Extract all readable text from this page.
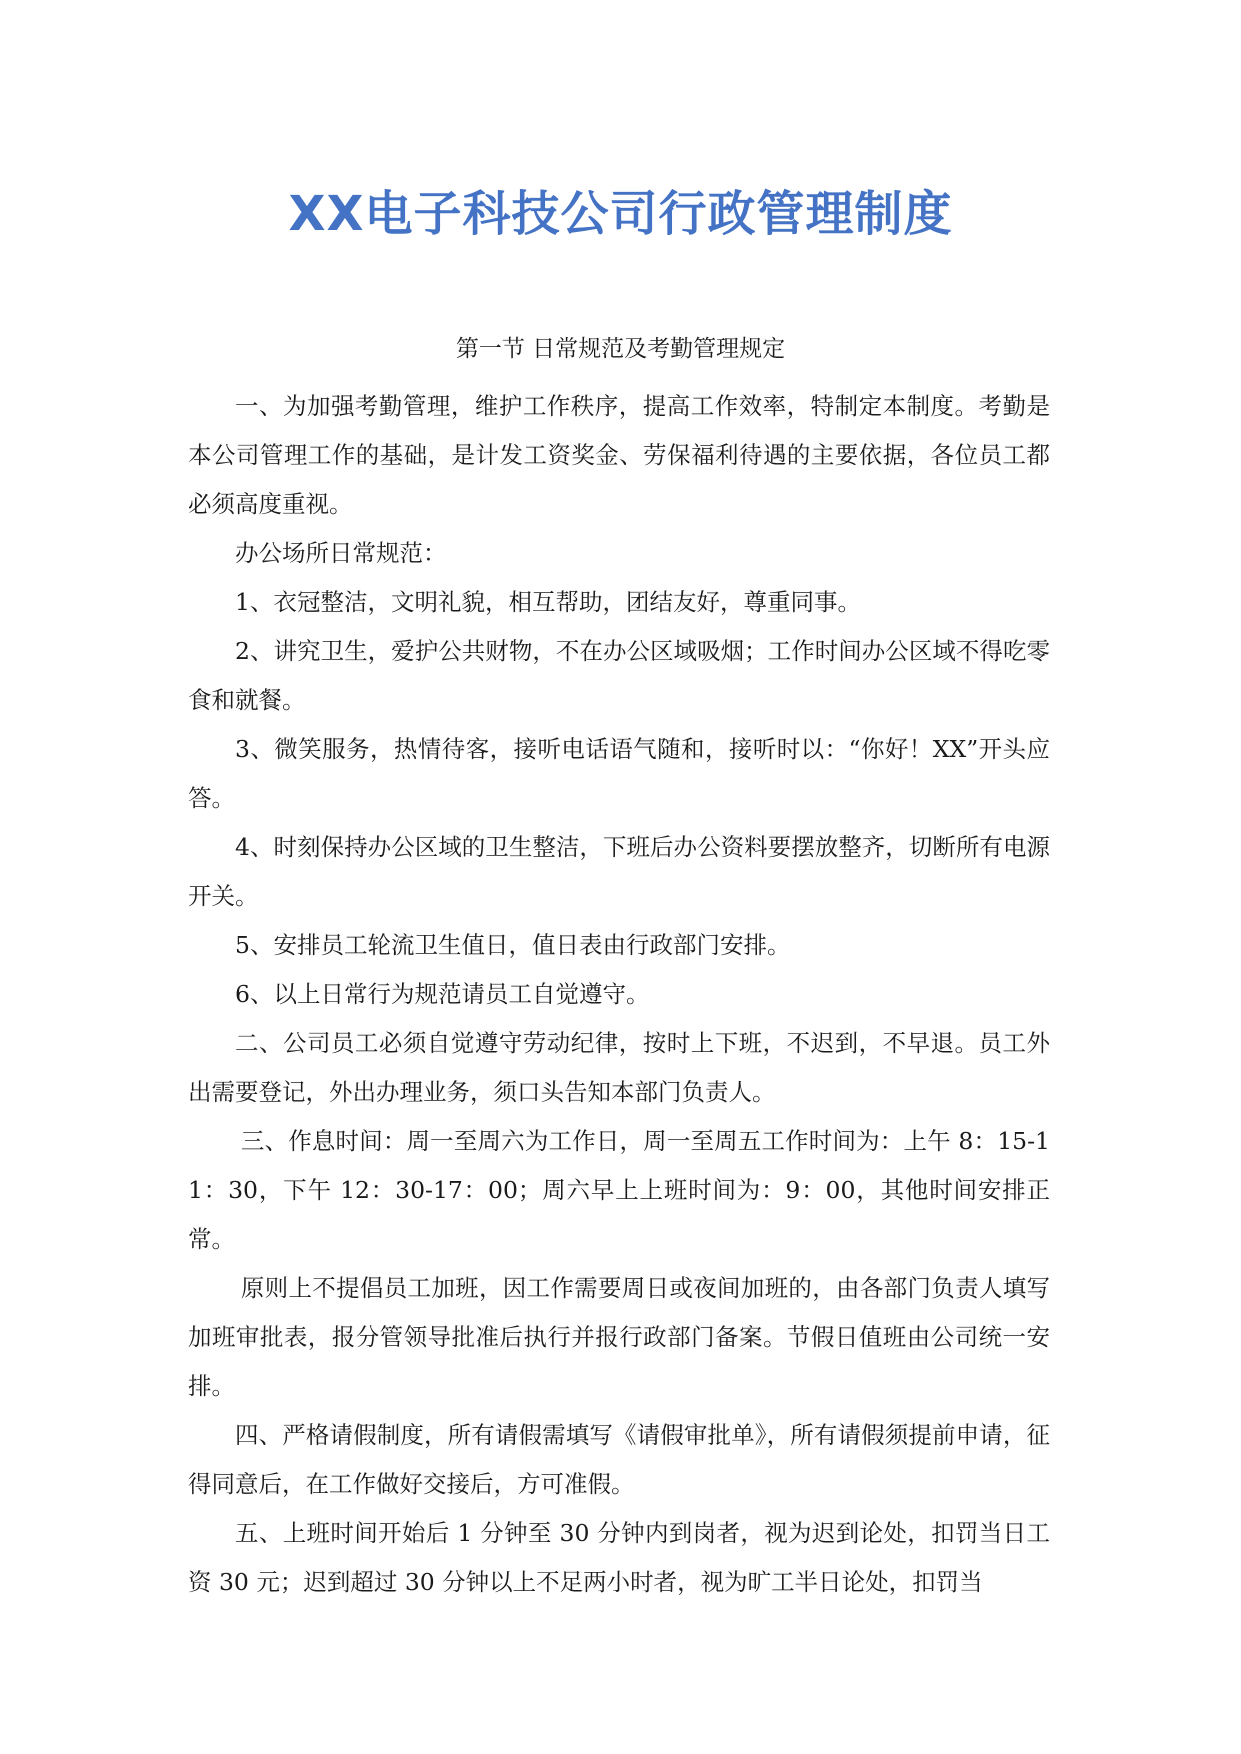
XX电子科技公司行政管理制度
第一节 日常规范及考勤管理规定

一、为加强考勤管理，维护工作秩序，提高工作效率，特制定本制度。考勤是本公司管理工作的基础，是计发工资奖金、劳保福利待遇的主要依据，各位员工都必须高度重视。

办公场所日常规范：

1、衣冠整洁，文明礼貌，相互帮助，团结友好，尊重同事。

2、讲究卫生，爱护公共财物，不在办公区域吸烟；工作时间办公区域不得吃零食和就餐。

3、微笑服务，热情待客，接听电话语气随和，接听时以：“你好！XX”开头应答。

4、时刻保持办公区域的卫生整洁，下班后办公资料要摆放整齐，切断所有电源开关。

5、安排员工轮流卫生值日，值日表由行政部门安排。

6、以上日常行为规范请员工自觉遵守。

二、公司员工必须自觉遵守劳动纪律，按时上下班，不迟到，不早退。员工外出需要登记，外出办理业务，须口头告知本部门负责人。

三、作息时间：周一至周六为工作日，周一至周五工作时间为：上午 8：15-11：30，下午 12：30-17：00；周六早上上班时间为：9：00，其他时间安排正常。

原则上不提倡员工加班，因工作需要周日或夜间加班的，由各部门负责人填写加班审批表，报分管领导批准后执行并报行政部门备案。节假日值班由公司统一安排。

四、严格请假制度，所有请假需填写《请假审批单》，所有请假须提前申请，征得同意后，在工作做好交接后，方可准假。

五、上班时间开始后 1 分钟至 30 分钟内到岗者，视为迟到论处，扣罚当日工资 30 元；迟到超过 30 分钟以上不足两小时者，视为旷工半日论处，扣罚当
